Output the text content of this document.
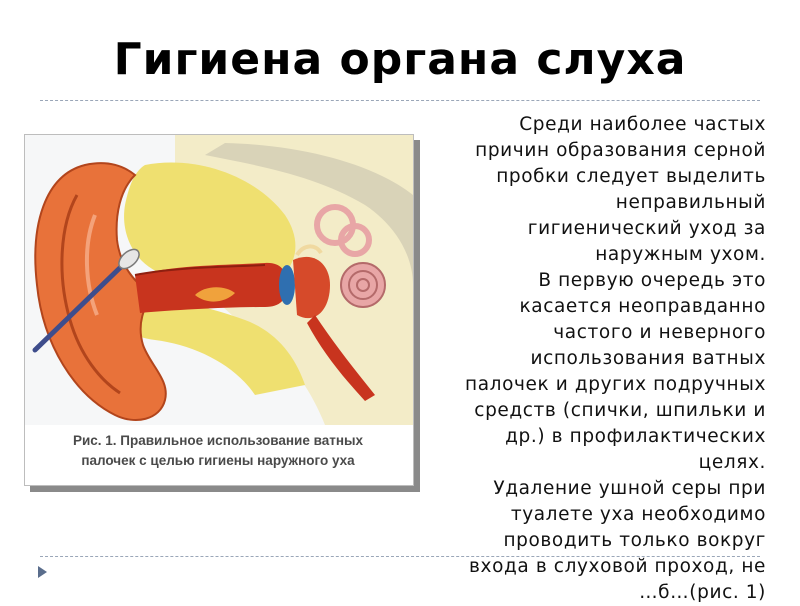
Гигиена органа слуха
Рис. 1. Правильное использование ватных
палочек с целью гигиены наружного уха

Среди наиболее частых
причин образования серной
пробки следует выделить
неправильный
гигиенический уход за
наружным ухом.

В первую очередь это
касается неоправданно
частого и неверного
использования ватных
палочек и других подручных
средств (спички, шпильки и
др.) в профилактических
целях.

Удаление ушной серы при
туалете уха необходимо
проводить только вокруг
входа в слуховой проход, не
…б…(рис. 1)
